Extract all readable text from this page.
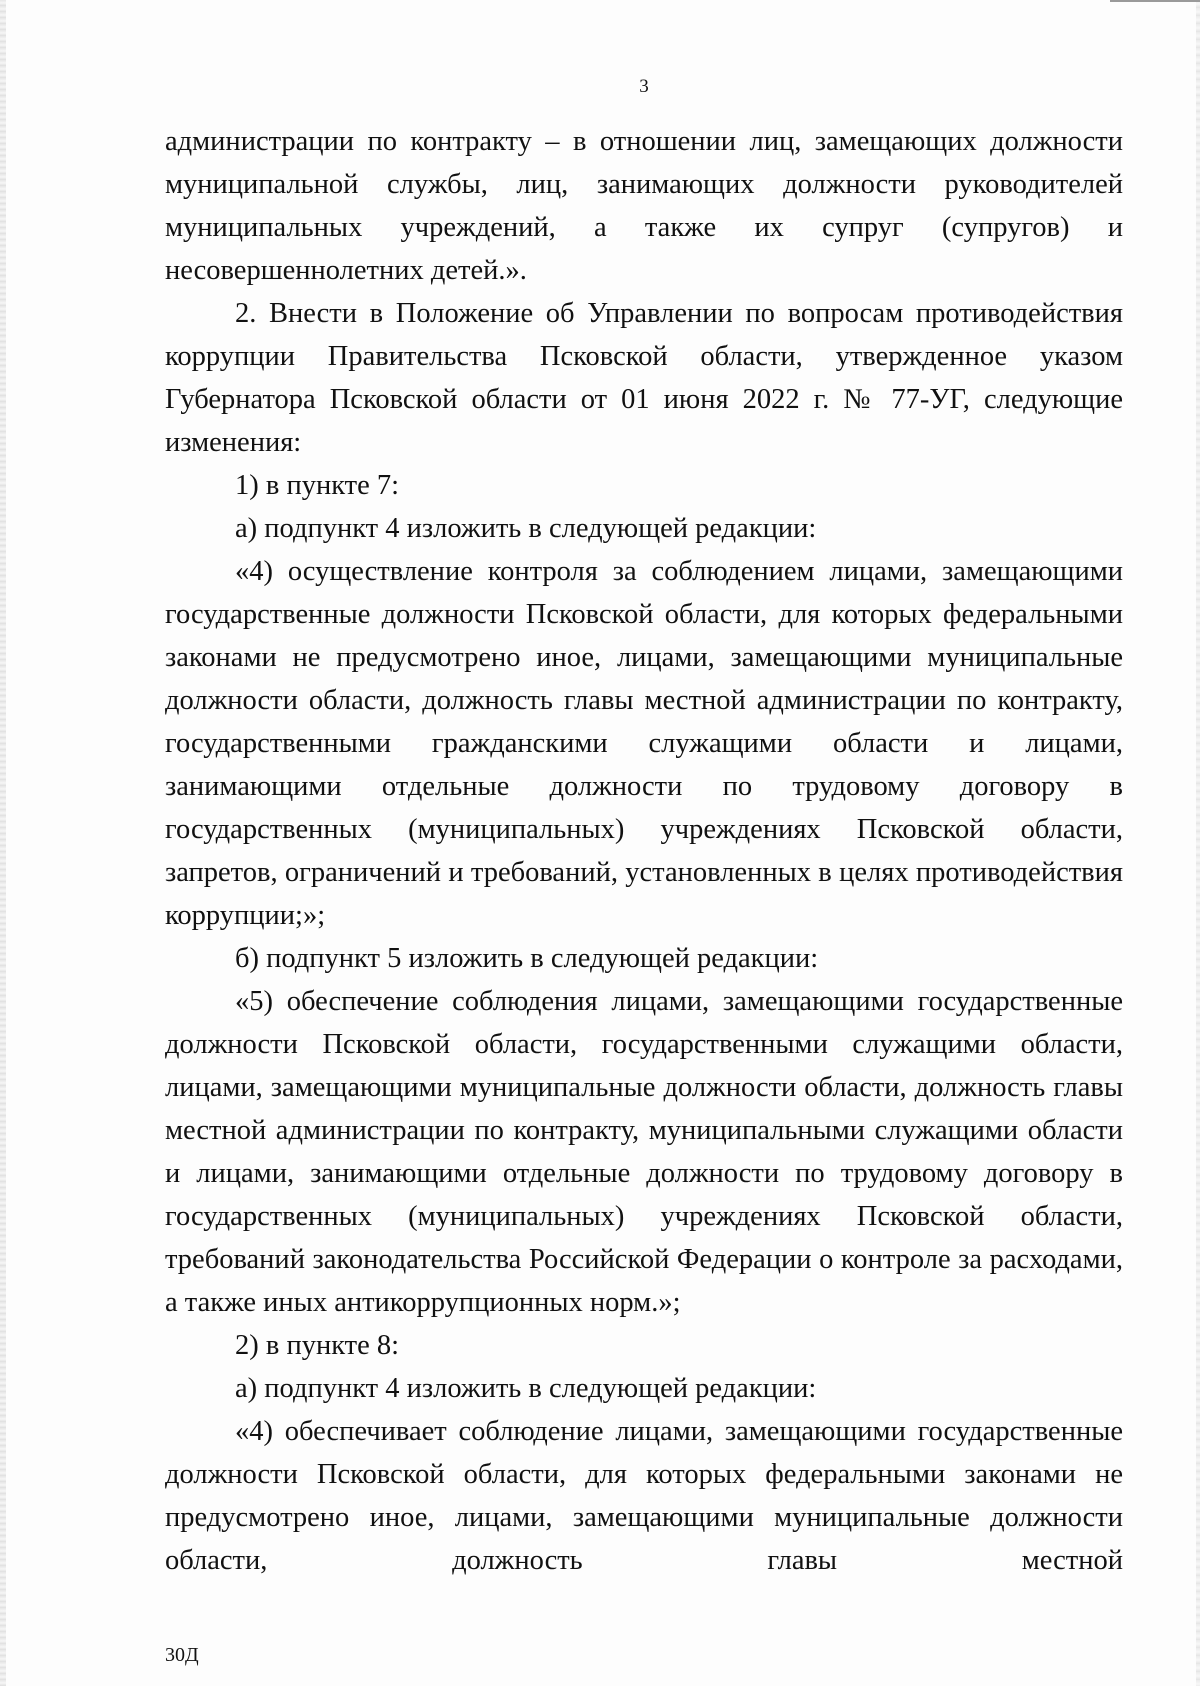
3

администрации по контракту – в отношении лиц, замещающих должности муниципальной службы, лиц, занимающих должности руководителей муниципальных учреждений, а также их супруг (супругов) и несовершеннолетних детей.».

2. Внести в Положение об Управлении по вопросам противодействия коррупции Правительства Псковской области, утвержденное указом Губернатора Псковской области от 01 июня 2022 г. № 77-УГ, следующие изменения:

1) в пункте 7:

а) подпункт 4 изложить в следующей редакции:

«4) осуществление контроля за соблюдением лицами, замещающими государственные должности Псковской области, для которых федеральными законами не предусмотрено иное, лицами, замещающими муниципальные должности области, должность главы местной администрации по контракту, государственными гражданскими служащими области и лицами, занимающими отдельные должности по трудовому договору в государственных (муниципальных) учреждениях Псковской области, запретов, ограничений и требований, установленных в целях противодействия коррупции;»;

б) подпункт 5 изложить в следующей редакции:

«5) обеспечение соблюдения лицами, замещающими государственные должности Псковской области, государственными служащими области, лицами, замещающими муниципальные должности области, должность главы местной администрации по контракту, муниципальными служащими области и лицами, занимающими отдельные должности по трудовому договору в государственных (муниципальных) учреждениях Псковской области, требований законодательства Российской Федерации о контроле за расходами, а также иных антикоррупционных норм.»;

2) в пункте 8:

а) подпункт 4 изложить в следующей редакции:

«4) обеспечивает соблюдение лицами, замещающими государственные должности Псковской области, для которых федеральными законами не предусмотрено иное, лицами, замещающими муниципальные должности области, должность главы местной

30Д
